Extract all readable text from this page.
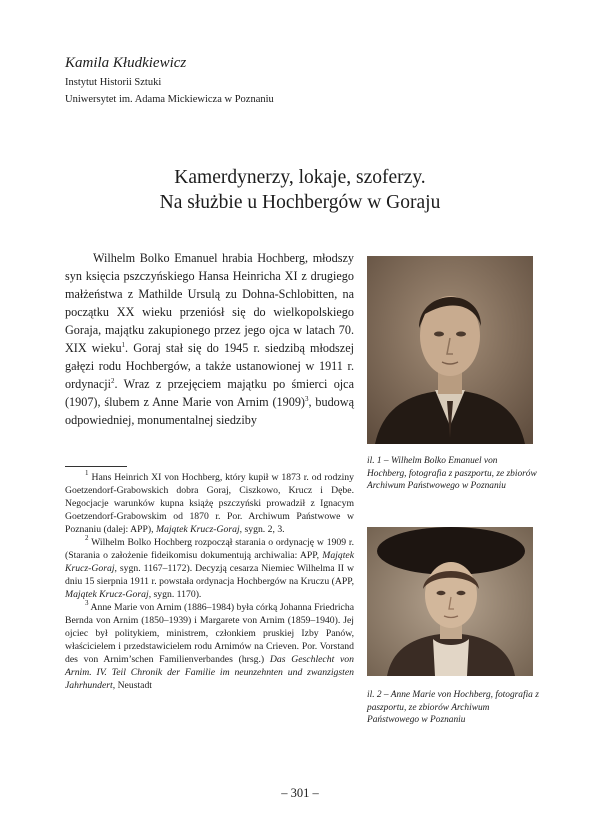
Kamila Kłudkiewicz
Instytut Historii Sztuki
Uniwersytet im. Adama Mickiewicza w Poznaniu
Kamerdynerzy, lokaje, szoferzy.
Na służbie u Hochbergów w Goraju

Wilhelm Bolko Emanuel hrabia Hochberg, młodszy syn księcia pszczyńskiego Hansa Heinricha XI z drugiego małżeństwa z Mathilde Ursulą zu Dohna-Schlobitten, na początku XX wieku przeniósł się do wielkopolskiego Goraja, majątku zakupionego przez jego ojca w latach 70. XIX wieku$^1$. Goraj stał się do 1945 r. siedzibą młodszej gałęzi rodu Hochbergów, a także ustanowionej w 1911 r. ordynacji$^2$. Wraz z przejęciem majątku po śmierci ojca (1907), ślubem z Anne Marie von Arnim $(1909)^3$, budową odpowiedniej, monumentalnej siedziby

$^1$ Hans Heinrich XI von Hochberg, który kupił w 1873 r. od rodziny Goetzendorf-Grabowskich dobra Goraj, Ciszkowo, Krucz i Dębe. Negocjacje warunków kupna książę pszczyński prowadził z Ignacym Goetzendorf-Grabowskim od 1870 r. Por. Archiwum Państwowe w Poznaniu (dalej: APP), Majątek Krucz-Goraj, sygn. 2, 3.

$^2$ Wilhelm Bolko Hochberg rozpoczął starania o ordynację w 1909 r. (Starania o założenie fideikomisu dokumentują archiwalia: APP, Majątek Krucz-Goraj, sygn. 1167–1172). Decyzją cesarza Niemiec Wilhelma II w dniu 15 sierpnia 1911 r. powstała ordynacja Hochbergów na Kruczu (APP, Majątek Krucz-Goraj, sygn. 1170).

$^3$ Anne Marie von Arnim (1886–1984) była córką Johanna Friedricha Bernda von Arnim (1850–1939) i Margarete von Arnim (1859–1940). Jej ojciec był politykiem, ministrem, członkiem pruskiej Izby Panów, właścicielem i przedstawicielem rodu Arnimów na Crieven. Por. Vorstand des von Arnim’schen Familienverbandes (hrsg.) Das Geschlecht von Arnim. IV. Teil Chronik der Familie im neunzehnten und zwanzigsten Jahrhundert, Neustadt

il. 1 – Wilhelm Bolko Emanuel von Hochberg, fotografia z paszportu, ze zbiorów Archiwum Państwowego w Poznaniu
il. 2 – Anne Marie von Hochberg, fotografia z paszportu, ze zbiorów Archiwum Państwowego w Poznaniu
– 301 –
